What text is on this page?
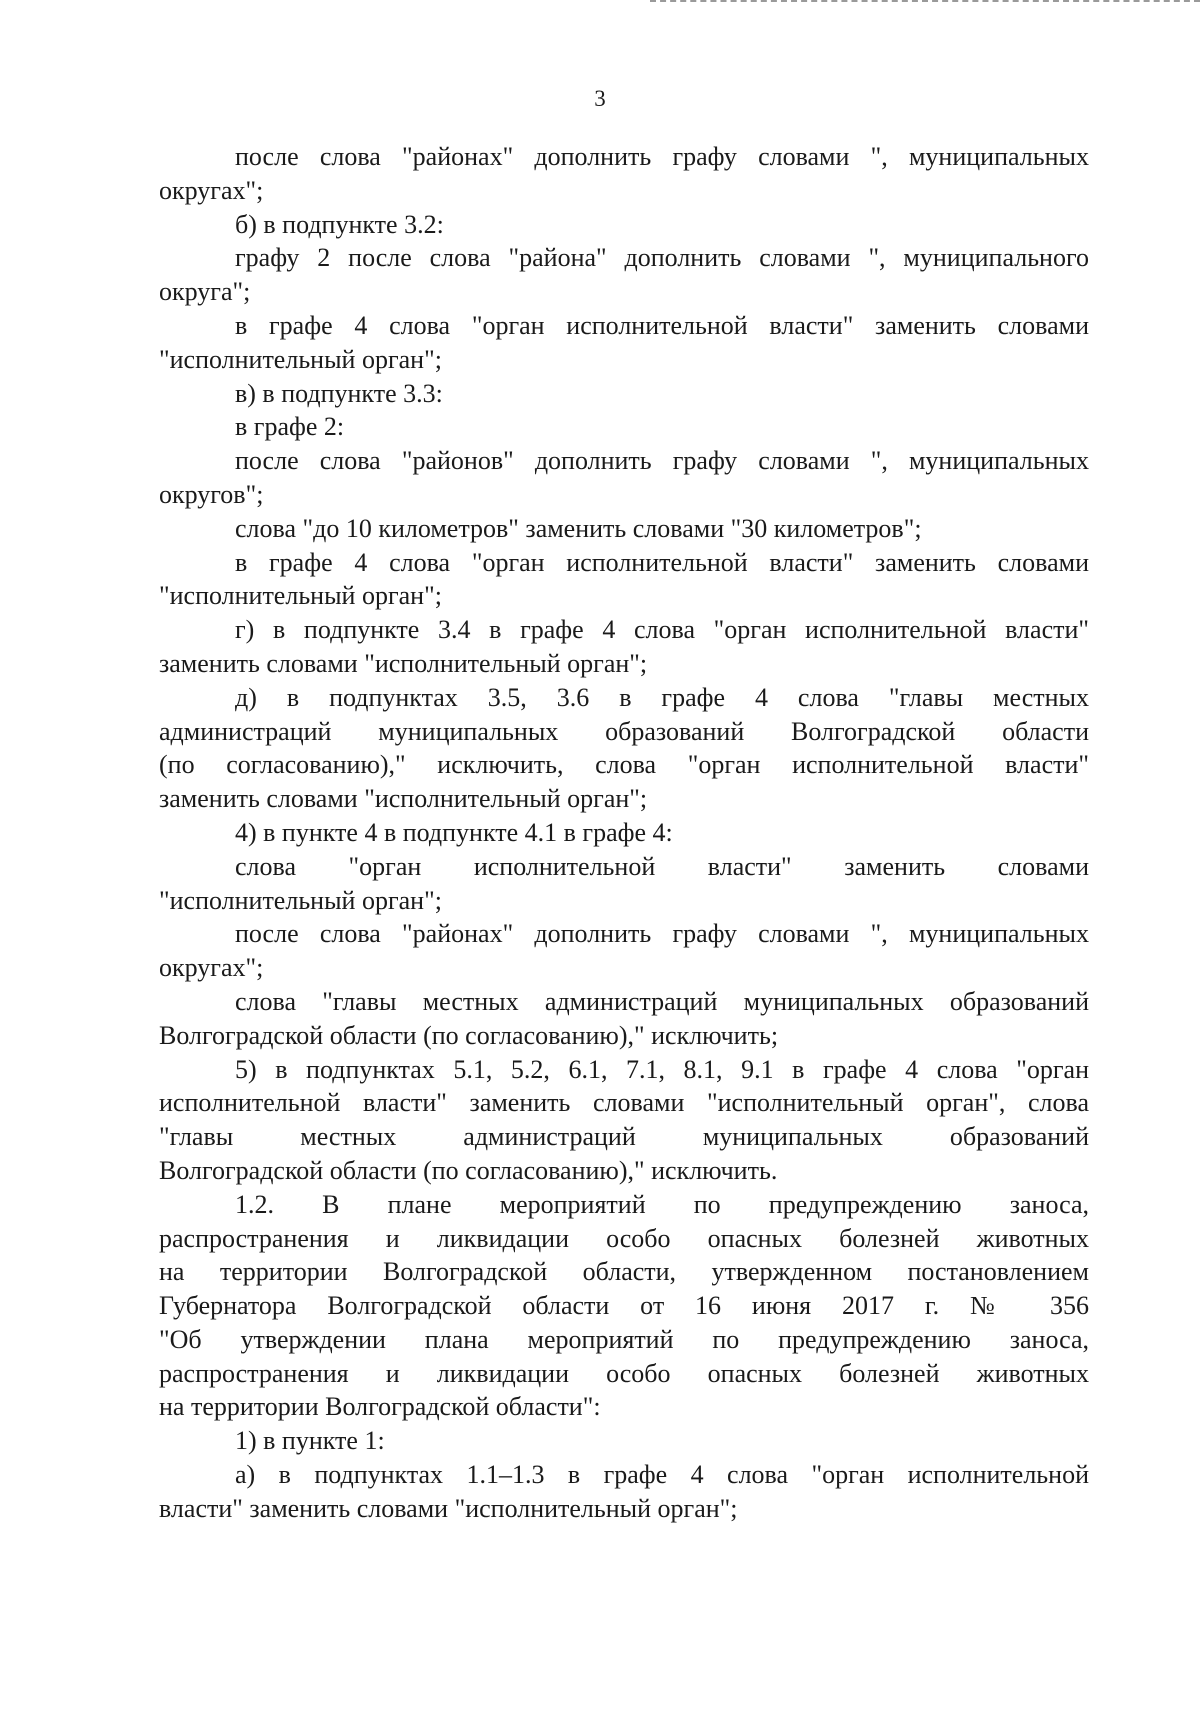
3
после слова "районах" дополнить графу словами ", муниципальных
округах";

б) в подпункте 3.2:

графу 2 после слова "района" дополнить словами ", муниципального
округа";
в графе 4 слова "орган исполнительной власти" заменить словами
"исполнительный орган";

в) в подпункте 3.3:

в графе 2:

после слова "районов" дополнить графу словами ", муниципальных
округов";

слова "до 10 километров" заменить словами "30 километров";

в графе 4 слова "орган исполнительной власти" заменить словами
"исполнительный орган";
г) в подпункте 3.4 в графе 4 слова "орган исполнительной власти"
заменить словами "исполнительный орган";
д) в подпунктах 3.5, 3.6 в графе 4 слова "главы местных
администраций муниципальных образований Волгоградской области
(по согласованию)," исключить, слова "орган исполнительной власти"
заменить словами "исполнительный орган";

4) в пункте 4 в подпункте 4.1 в графе 4:

слова "орган исполнительной власти" заменить словами
"исполнительный орган";
после слова "районах" дополнить графу словами ", муниципальных
округах";
слова "главы местных администраций муниципальных образований
Волгоградской области (по согласованию)," исключить;
5) в подпунктах 5.1, 5.2, 6.1, 7.1, 8.1, 9.1 в графе 4 слова "орган
исполнительной власти" заменить словами "исполнительный орган", слова
"главы местных администраций муниципальных образований
Волгоградской области (по согласованию)," исключить.
1.2. В плане мероприятий по предупреждению заноса,
распространения и ликвидации особо опасных болезней животных
на территории Волгоградской области, утвержденном постановлением
Губернатора Волгоградской области от 16 июня 2017 г. № 356
"Об утверждении плана мероприятий по предупреждению заноса,
распространения и ликвидации особо опасных болезней животных
на территории Волгоградской области":

1) в пункте 1:

а) в подпунктах 1.1–1.3 в графе 4 слова "орган исполнительной
власти" заменить словами "исполнительный орган";
